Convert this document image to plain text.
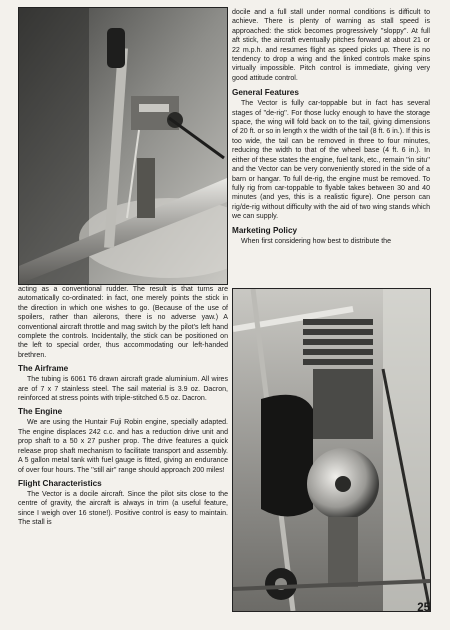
docile and a full stall under normal conditions is difficult to achieve. There is plenty of warning as stall speed is approached: the stick becomes progressively ''sloppy''. At full aft stick, the aircraft eventually pitches forward at about 21 or 22 m.p.h. and resumes flight as speed picks up. There is no tendency to drop a wing and the linked controls make spins virtually impossible. Pitch control is immediate, giving very good attitude control.

General Features

The Vector is fully car-toppable but in fact has several stages of ''de-rig''. For those lucky enough to have the storage space, the wing will fold back on to the tail, giving dimensions of 20 ft. or so in length x the width of the tail (8 ft. 6 in.). If this is too wide, the tail can be removed in three to four minutes, reducing the width to that of the wheel base (4 ft. 6 in.). In either of these states the engine, fuel tank, etc., remain ''in situ'' and the Vector can be very conveniently stored in the side of a barn or hangar. To full de-rig, the engine must be removed. To fully rig from car-toppable to flyable takes between 30 and 40 minutes (and yes, this is a realistic figure). One person can rig/de-rig without difficulty with the aid of two wing stands which we can supply.

Marketing Policy

When first considering how best to distribute the

acting as a conventional rudder. The result is that turns are automatically co-ordinated: in fact, one merely points the stick in the direction in which one wishes to go. (Because of the use of spoilers, rather than ailerons, there is no adverse yaw.) A conventional aircraft throttle and mag switch by the pilot's left hand complete the controls. Incidentally, the stick can be positioned on the left to special order, thus accommodating our left-handed brethren.

The Airframe

The tubing is 6061 T6 drawn aircraft grade aluminium. All wires are of 7 x 7 stainless steel. The sail material is 3.9 oz. Dacron, reinforced at stress points with triple-stitched 6.5 oz. Dacron.

The Engine

We are using the Huntair Fuji Robin engine, specially adapted. The engine displaces 242 c.c. and has a reduction drive unit and prop shaft to a 50 x 27 pusher prop. The drive features a quick release prop shaft mechanism to facilitate transport and assembly. A 5 gallon metal tank with fuel gauge is fitted, giving an endurance of over four hours. The ''still air'' range should approach 200 miles!

Flight Characteristics

The Vector is a docile aircraft. Since the pilot sits close to the centre of gravity, the aircraft is always in trim (a useful feature, since I weigh over 16 stone!). Positive control is easy to maintain. The stall is

25
